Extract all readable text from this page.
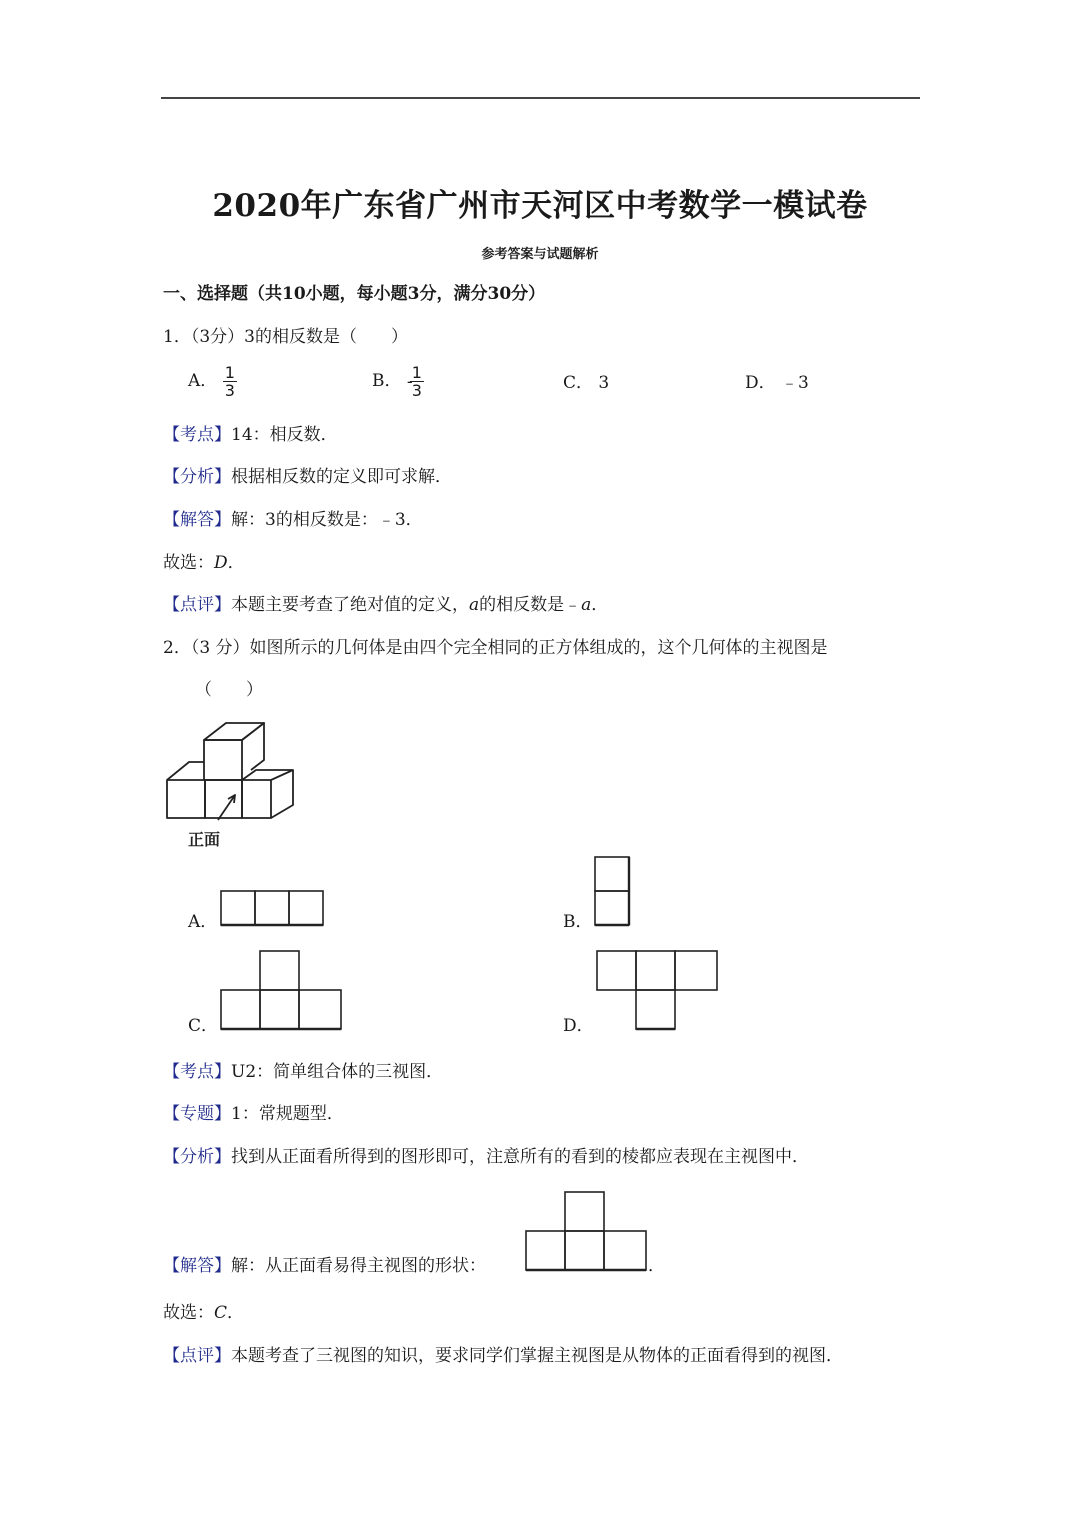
2020年广东省广州市天河区中考数学一模试卷
参考答案与试题解析
一、选择题（共10小题，每小题3分，满分30分）
1．（3分）3的相反数是（　　）
A． $\frac{1}{3}$	B． -
$\frac{1}{3}$	C． 3	D． ﹣3
【考点】14：相反数．
【分析】根据相反数的定义即可求解．
【解答】解：3的相反数是：﹣3．
故选：D．
【点评】本题主要考查了绝对值的定义，a的相反数是﹣a．
2．（3 分）如图所示的几何体是由四个完全相同的正方体组成的，这个几何体的主视图是
（　　）
正面
A．	B．
C．	D．
【考点】U2：简单组合体的三视图．
【专题】1：常规题型．
【分析】找到从正面看所得到的图形即可，注意所有的看到的棱都应表现在主视图中．
【解答】解：从正面看易得主视图的形状：	．
故选：C．
【点评】本题考查了三视图的知识，要求同学们掌握主视图是从物体的正面看得到的视图．
